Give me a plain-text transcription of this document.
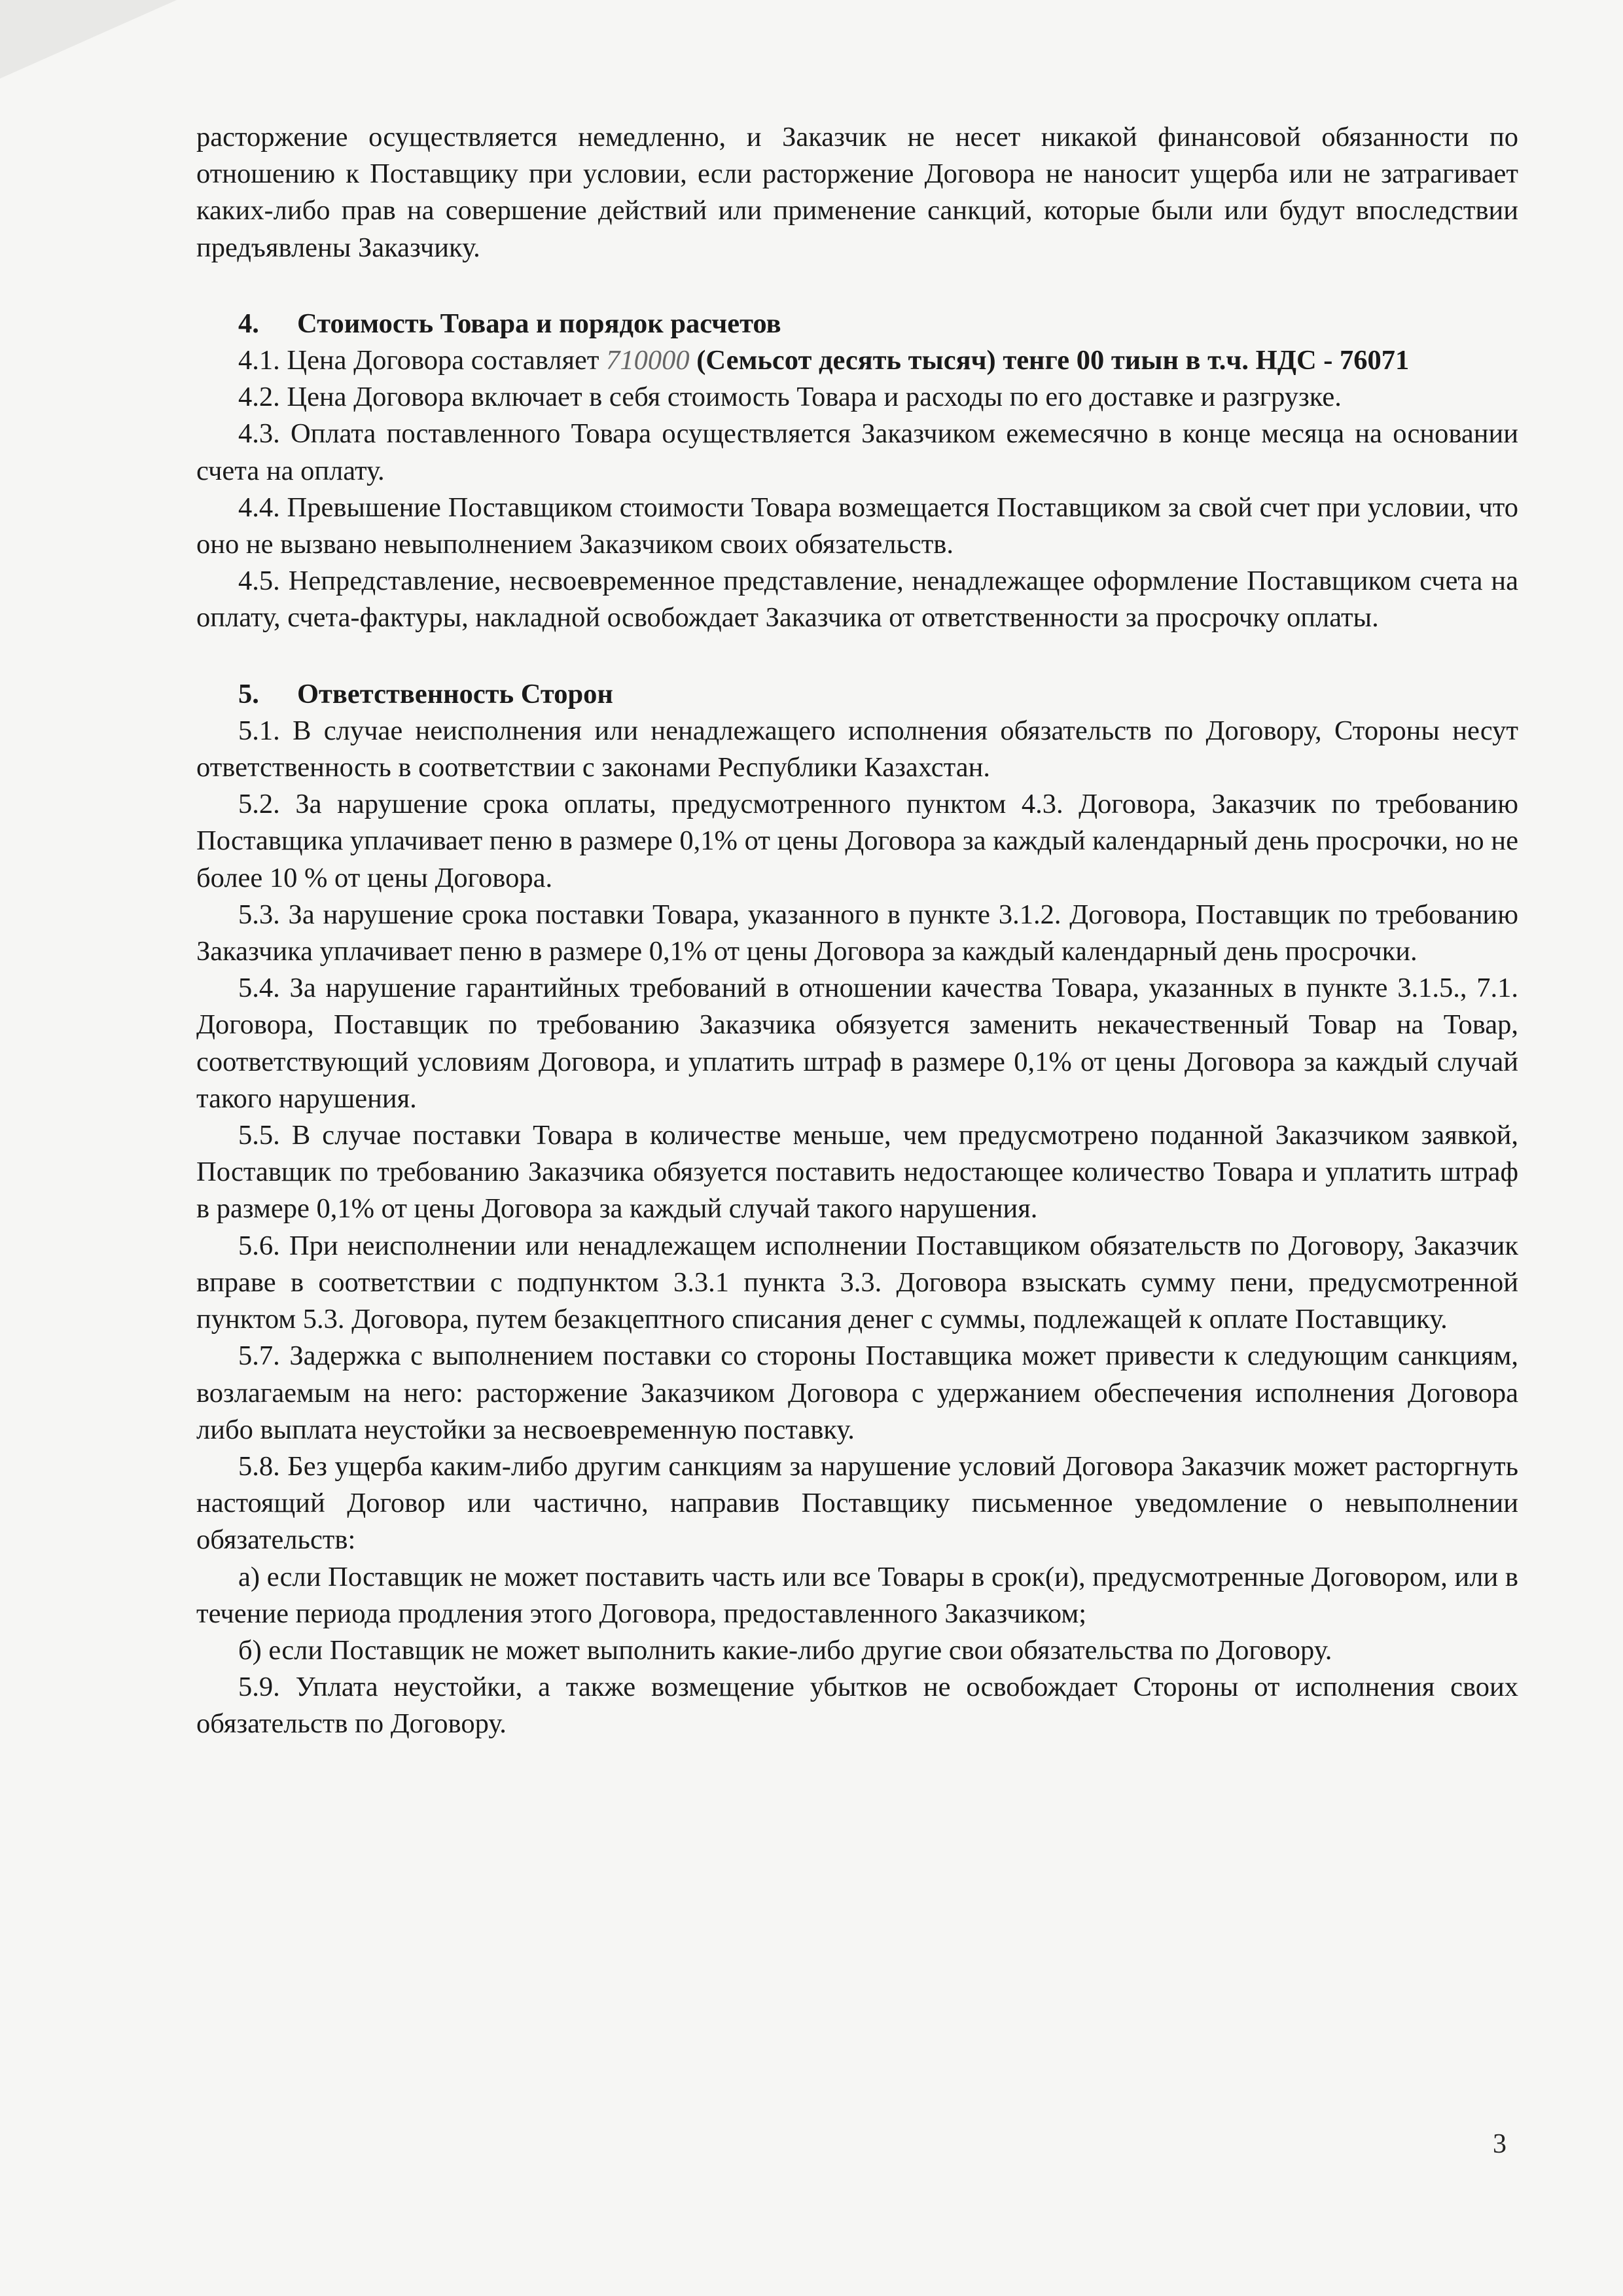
расторжение осуществляется немедленно, и Заказчик не несет никакой финансовой обязанности по отношению к Поставщику при условии, если расторжение Договора не наносит ущерба или не затрагивает каких-либо прав на совершение действий или применение санкций, которые были или будут впоследствии предъявлены Заказчику.

4. Стоимость Товара и порядок расчетов

4.1. Цена Договора составляет 710000 (Семьсот десять тысяч) тенге 00 тиын в т.ч. НДС - 76071

4.2. Цена Договора включает в себя стоимость Товара и расходы по его доставке и разгрузке.

4.3. Оплата поставленного Товара осуществляется Заказчиком ежемесячно в конце месяца на основании счета на оплату.

4.4. Превышение Поставщиком стоимости Товара возмещается Поставщиком за свой счет при условии, что оно не вызвано невыполнением Заказчиком своих обязательств.

4.5. Непредставление, несвоевременное представление, ненадлежащее оформление Поставщиком счета на оплату, счета-фактуры, накладной освобождает Заказчика от ответственности за просрочку оплаты.

5. Ответственность Сторон

5.1. В случае неисполнения или ненадлежащего исполнения обязательств по Договору, Стороны несут ответственность в соответствии с законами Республики Казахстан.

5.2. За нарушение срока оплаты, предусмотренного пунктом 4.3. Договора, Заказчик по требованию Поставщика уплачивает пеню в размере 0,1% от цены Договора за каждый календарный день просрочки, но не более 10 % от цены Договора.

5.3. За нарушение срока поставки Товара, указанного в пункте 3.1.2. Договора, Поставщик по требованию Заказчика уплачивает пеню в размере 0,1% от цены Договора за каждый календарный день просрочки.

5.4. За нарушение гарантийных требований в отношении качества Товара, указанных в пункте 3.1.5., 7.1. Договора, Поставщик по требованию Заказчика обязуется заменить некачественный Товар на Товар, соответствующий условиям Договора, и уплатить штраф в размере 0,1% от цены Договора за каждый случай такого нарушения.

5.5. В случае поставки Товара в количестве меньше, чем предусмотрено поданной Заказчиком заявкой, Поставщик по требованию Заказчика обязуется поставить недостающее количество Товара и уплатить штраф в размере 0,1% от цены Договора за каждый случай такого нарушения.

5.6. При неисполнении или ненадлежащем исполнении Поставщиком обязательств по Договору, Заказчик вправе в соответствии с подпунктом 3.3.1 пункта 3.3. Договора взыскать сумму пени, предусмотренной пунктом 5.3. Договора, путем безакцептного списания денег с суммы, подлежащей к оплате Поставщику.

5.7. Задержка с выполнением поставки со стороны Поставщика может привести к следующим санкциям, возлагаемым на него: расторжение Заказчиком Договора с удержанием обеспечения исполнения Договора либо выплата неустойки за несвоевременную поставку.

5.8. Без ущерба каким-либо другим санкциям за нарушение условий Договора Заказчик может расторгнуть настоящий Договор или частично, направив Поставщику письменное уведомление о невыполнении обязательств:

а) если Поставщик не может поставить часть или все Товары в срок(и), предусмотренные Договором, или в течение периода продления этого Договора, предоставленного Заказчиком;

б) если Поставщик не может выполнить какие-либо другие свои обязательства по Договору.

5.9. Уплата неустойки, а также возмещение убытков не освобождает Стороны от исполнения своих обязательств по Договору.

3
